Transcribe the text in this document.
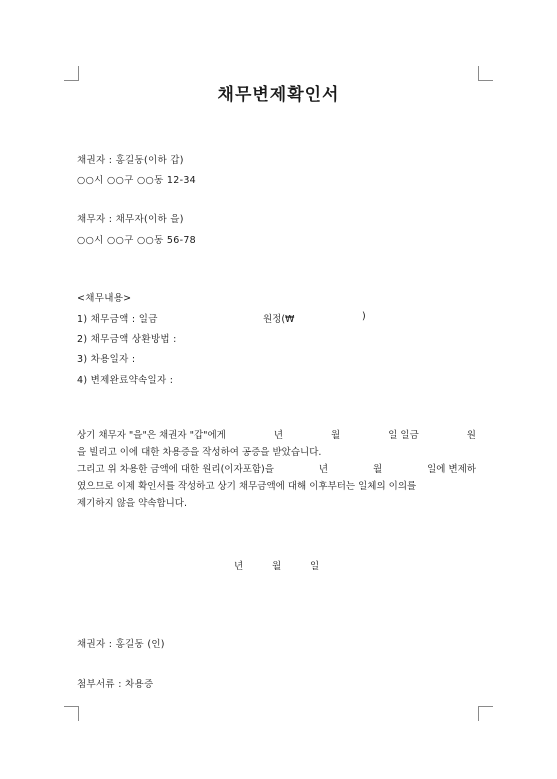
채무변제확인서
채권자 : 홍길동(이하 갑)
○○시 ○○구 ○○동 12-34
채무자 : 채무자(이하 을)
○○시 ○○구 ○○동 56-78
<채무내용>
1) 채무금액 : 일금	원정(₩	)
2) 채무금액 상환방법 :
3) 차용일자 :
4) 변제완료약속일자 :
상기 채무자 "을"은 채권자 "갑"에게	년	월	일 일금	원

을 빌리고 이에 대한 차용증을 작성하여 공증을 받았습니다.

그리고 위 차용한 금액에 대한 원리(이자포함)을	년	월	일에 변제하

였으므로 이제 확인서를 작성하고 상기 채무금액에 대해 이후부터는 일체의 이의를

제기하지 않을 약속합니다.

년	월	일
채권자 : 홍길동 (인)
첨부서류 : 차용증
